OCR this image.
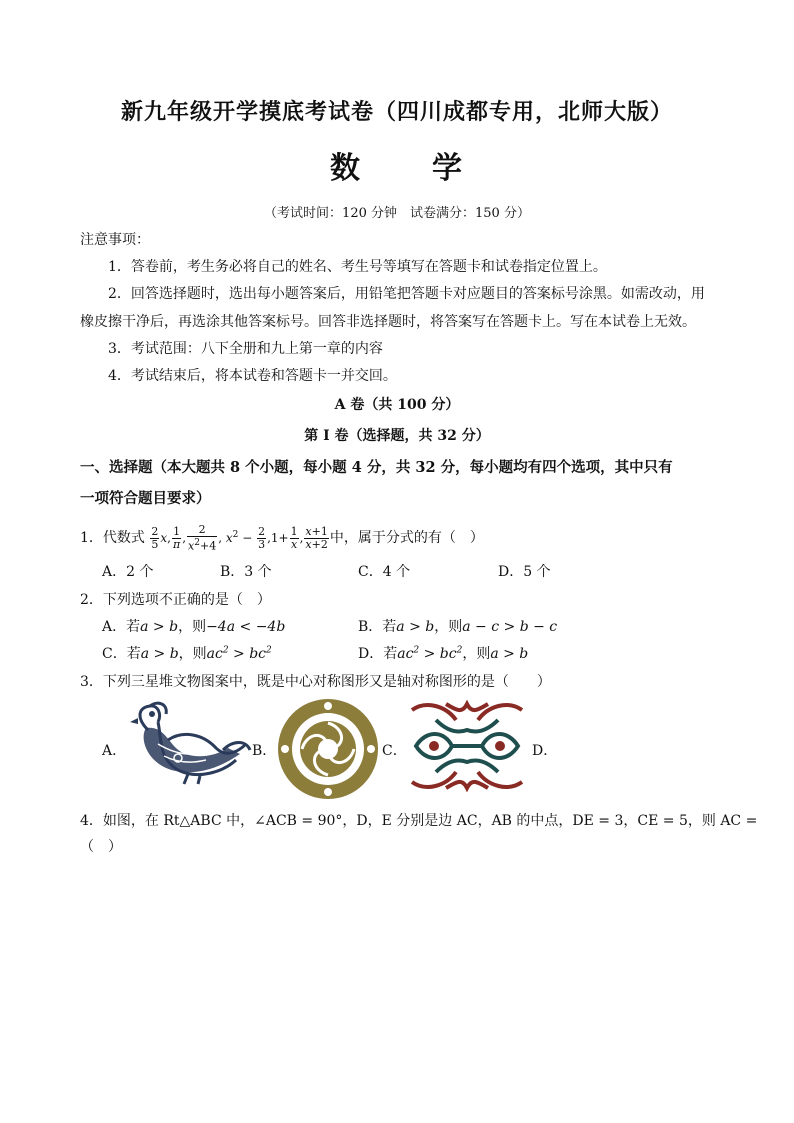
新九年级开学摸底考试卷（四川成都专用，北师大版）
数 学
（考试时间：120 分钟　试卷满分：150 分）
注意事项：
1．答卷前，考生务必将自己的姓名、考生号等填写在答题卡和试卷指定位置上。
2．回答选择题时，选出每小题答案后，用铅笔把答题卡对应题目的答案标号涂黑。如需改动，用
橡皮擦干净后，再选涂其他答案标号。回答非选择题时，将答案写在答题卡上。写在本试卷上无效。
3．考试范围：八下全册和九上第一章的内容
4．考试结束后，将本试卷和答题卡一并交回。
A 卷（共 100 分）
第 I 卷（选择题，共 32 分）
一、选择题（本大题共 8 个小题，每小题 4 分，共 32 分，每小题均有四个选项，其中只有
一项符合题目要求）
1．代数式 $\frac{2}{5} x$, $\frac{1}{\pi}$ , $\frac{2}{x^2+4}$ , $x^2 - \frac{2}{3} ,1+ \frac{1}{x}$ , $\frac{x+1}{x+2}$ 中，属于分式的有（　）
A．2 个	B．3 个	C．4 个	D．5 个
2．下列选项不正确的是（　）
A．若a > b，则−4a < −4b	B．若a > b，则a − c > b − c
C．若a > b，则$ac^2 > bc^2$	D．若$ac^2 > bc^2$，则a > b
3．下列三星堆文物图案中，既是中心对称图形又是轴对称图形的是（　　）
A．	B．	C．	D．
4．如图，在 Rt△ABC 中，∠ACB = 90°，D，E 分别是边 AC，AB 的中点，DE = 3，CE = 5，则 AC =
（　）
